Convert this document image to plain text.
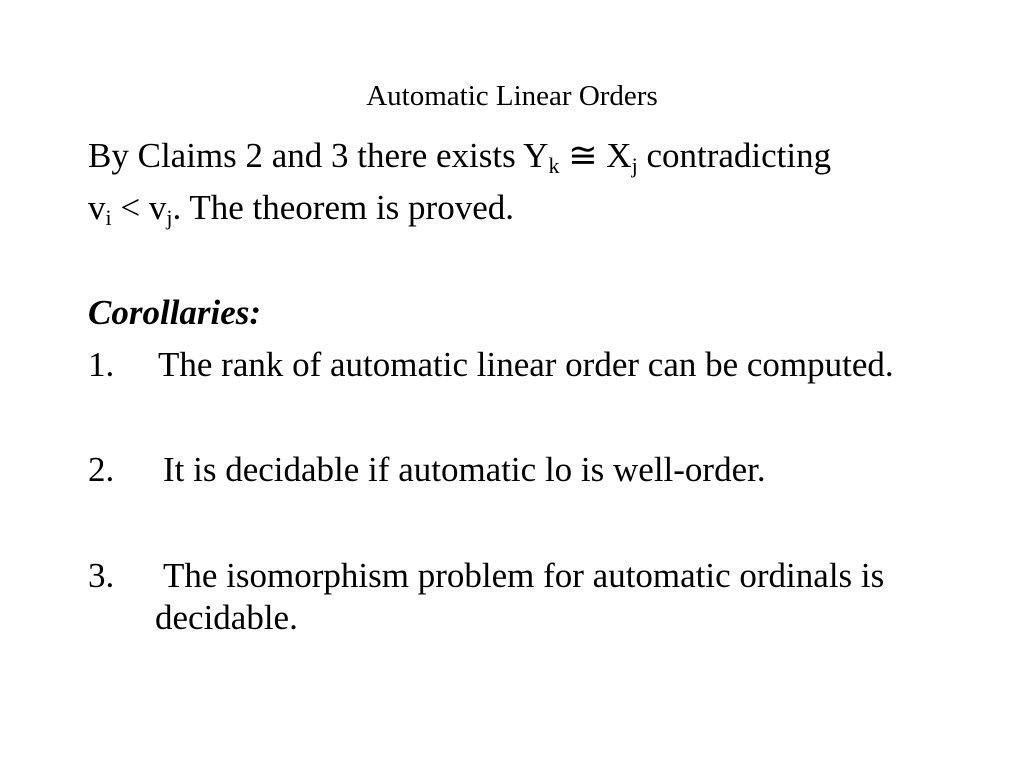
Automatic Linear Orders
By Claims 2 and 3 there exists $Y_k$ ≅ $X_j$ contradicting
$v_i < v_j$. The theorem is proved.
Corollaries:
1. The rank of automatic linear order can be computed.
2. It is decidable if automatic lo is well-order.
3. The isomorphism problem for automatic ordinals is
decidable.
